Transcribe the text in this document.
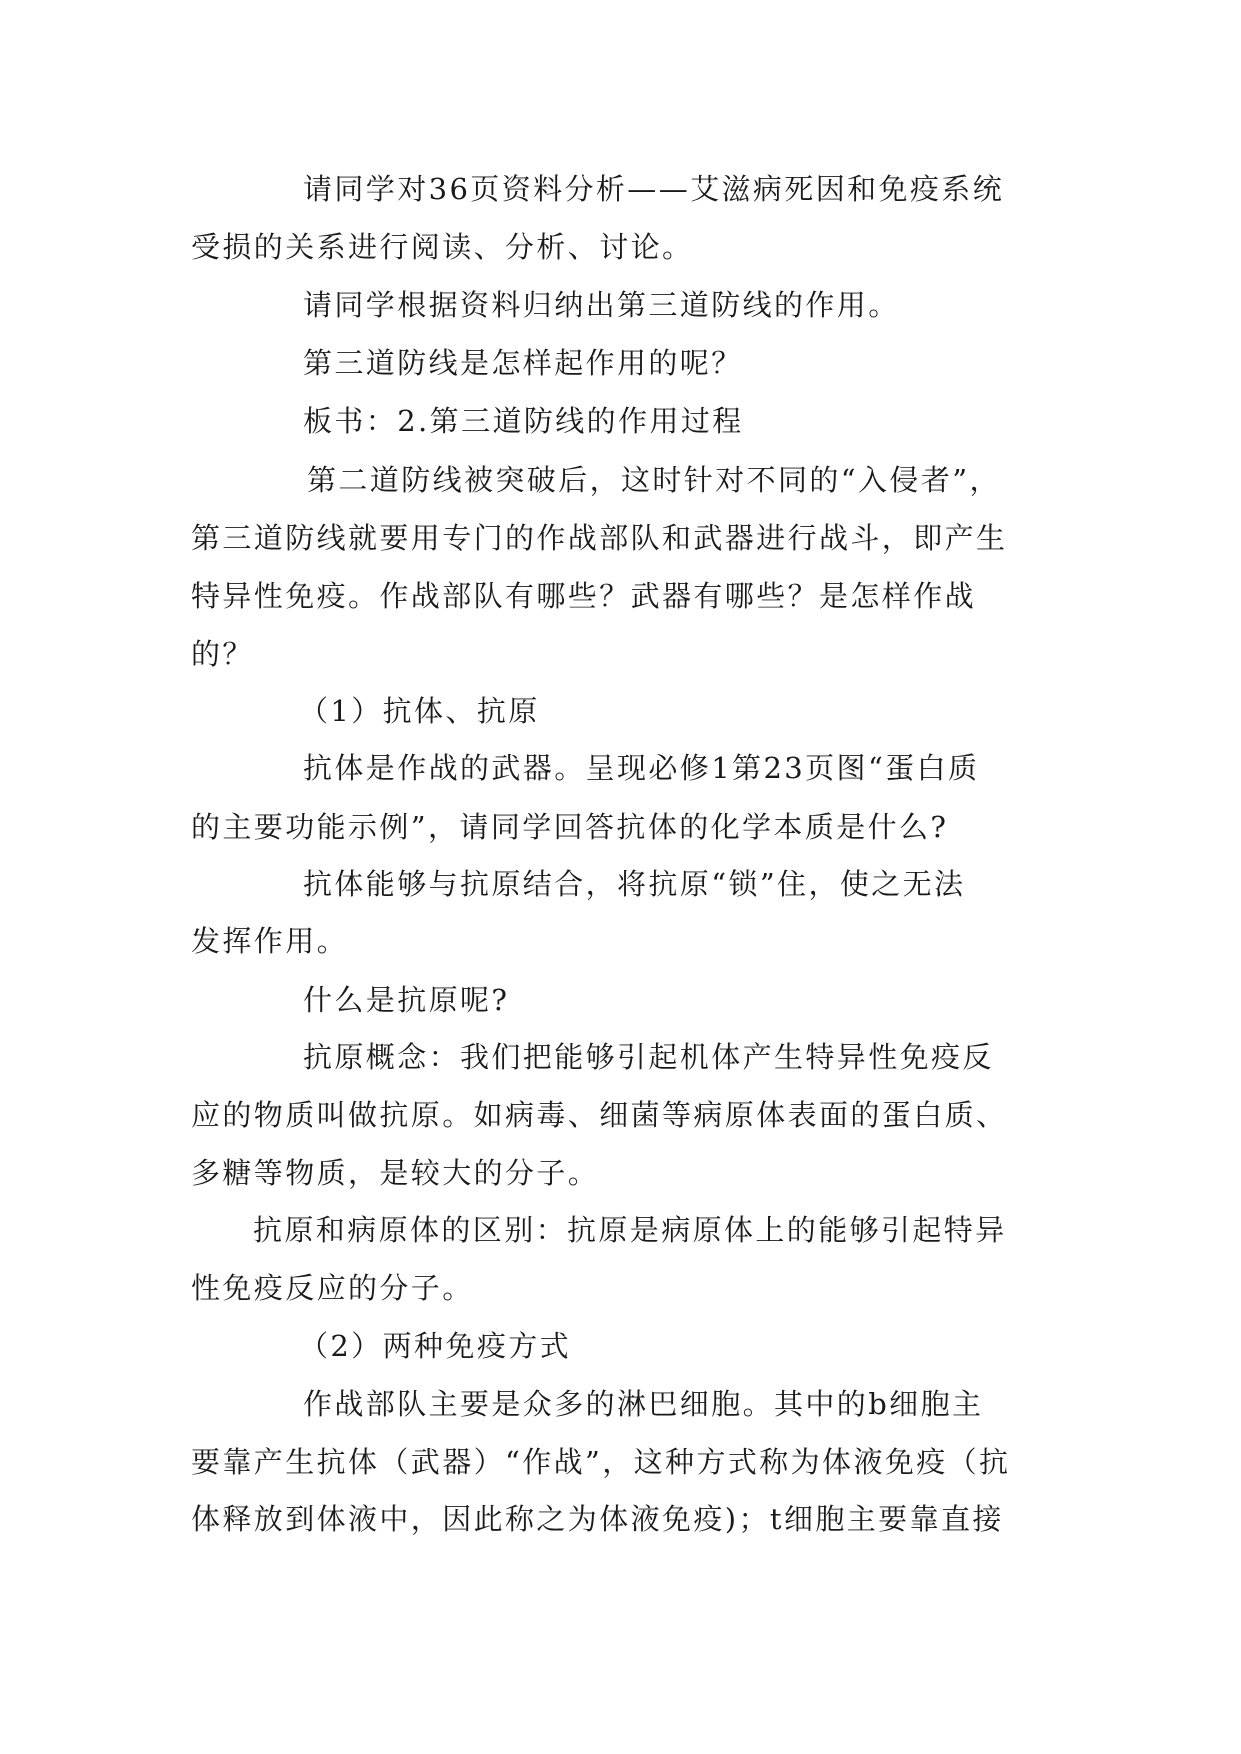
请同学对36页资料分析——艾滋病死因和免疫系统
受损的关系进行阅读、分析、讨论。
请同学根据资料归纳出第三道防线的作用。
第三道防线是怎样起作用的呢？
板书：2.第三道防线的作用过程
第二道防线被突破后，这时针对不同的“入侵者”，
第三道防线就要用专门的作战部队和武器进行战斗，即产生
特异性免疫。作战部队有哪些？武器有哪些？是怎样作战
的？
（1）抗体、抗原
抗体是作战的武器。呈现必修1第23页图“蛋白质
的主要功能示例”，请同学回答抗体的化学本质是什么?
抗体能够与抗原结合，将抗原“锁”住，使之无法
发挥作用。
什么是抗原呢?
抗原概念：我们把能够引起机体产生特异性免疫反
应的物质叫做抗原。如病毒、细菌等病原体表面的蛋白质、
多糖等物质，是较大的分子。
抗原和病原体的区别：抗原是病原体上的能够引起特异
性免疫反应的分子。
（2）两种免疫方式
作战部队主要是众多的淋巴细胞。其中的b细胞主
要靠产生抗体（武器）“作战”，这种方式称为体液免疫（抗
体释放到体液中，因此称之为体液免疫)；t细胞主要靠直接
